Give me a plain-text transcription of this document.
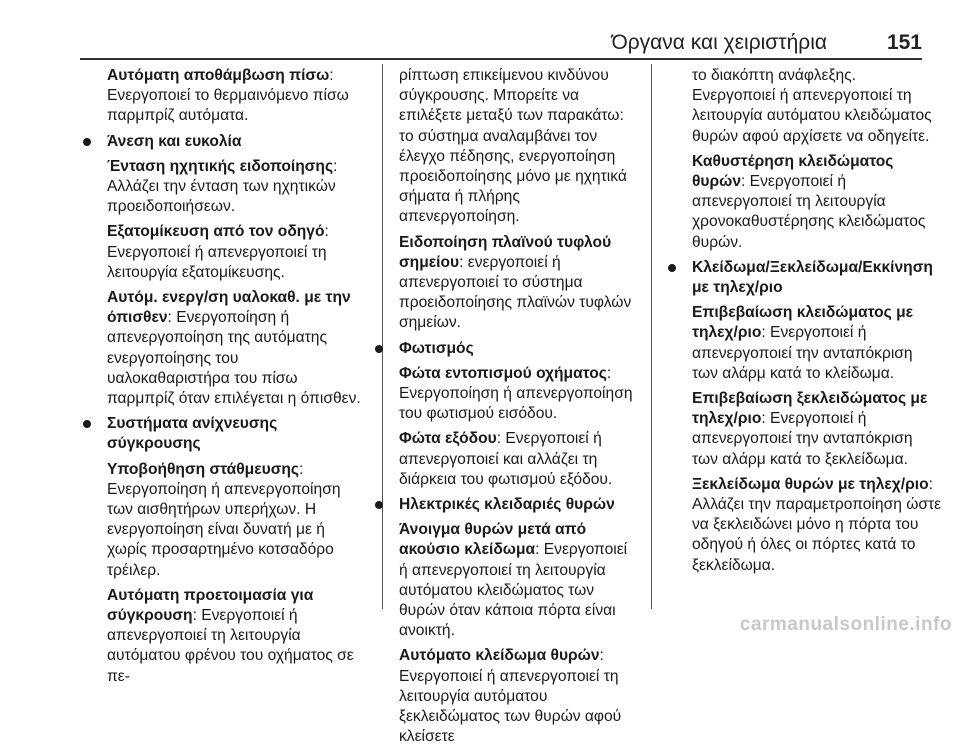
Όργανα και χειριστήρια	151

Αυτόματη αποθάμβωση πίσω: Ενεργοποιεί το θερμαινόμενο πίσω παρμπρίζ αυτόματα.

Άνεση και ευκολία

Ένταση ηχητικής ειδοποίησης: Αλλάζει την ένταση των ηχητικών προειδοποιήσεων.

Εξατομίκευση από τον οδηγό: Ενεργοποιεί ή απενεργοποιεί τη λειτουργία εξατομίκευσης.

Αυτόμ. ενεργ/ση υαλοκαθ. με την όπισθεν: Ενεργοποίηση ή απενεργοποίηση της αυτόματης ενεργοποίησης του υαλοκαθαριστήρα του πίσω παρμπρίζ όταν επιλέγεται η όπισθεν.

Συστήματα ανίχνευσης σύγκρουσης

Υποβοήθηση στάθμευσης: Ενεργοποίηση ή απενεργοποίηση των αισθητήρων υπερήχων. Η ενεργοποίηση είναι δυνατή με ή χωρίς προσαρτημένο κοτσαδόρο τρέιλερ.

Αυτόματη προετοιμασία για σύγκρουση: Ενεργοποιεί ή απενεργοποιεί τη λειτουργία αυτόματου φρένου του οχήματος σε πε-

ρίπτωση επικείμενου κινδύνου σύγκρουσης. Μπορείτε να επιλέξετε μεταξύ των παρακάτω: το σύστημα αναλαμβάνει τον έλεγχο πέδησης, ενεργοποίηση προειδοποίησης μόνο με ηχητικά σήματα ή πλήρης απενεργοποίηση.

Ειδοποίηση πλαϊνού τυφλού σημείου: ενεργοποιεί ή απενεργοποιεί το σύστημα προειδοποίησης πλαϊνών τυφλών σημείων.

Φωτισμός

Φώτα εντοπισμού οχήματος: Ενεργοποίηση ή απενεργοποίηση του φωτισμού εισόδου.

Φώτα εξόδου: Ενεργοποιεί ή απενεργοποιεί και αλλάζει τη διάρκεια του φωτισμού εξόδου.

Ηλεκτρικές κλειδαριές θυρών

Άνοιγμα θυρών μετά από ακούσιο κλείδωμα: Ενεργοποιεί ή απενεργοποιεί τη λειτουργία αυτόματου κλειδώματος των θυρών όταν κάποια πόρτα είναι ανοικτή.

Αυτόματο κλείδωμα θυρών: Ενεργοποιεί ή απενεργοποιεί τη λειτουργία αυτόματου ξεκλειδώματος των θυρών αφού κλείσετε

το διακόπτη ανάφλεξης. Ενεργοποιεί ή απενεργοποιεί τη λειτουργία αυτόματου κλειδώματος θυρών αφού αρχίσετε να οδηγείτε.

Καθυστέρηση κλειδώματος θυρών: Ενεργοποιεί ή απενεργοποιεί τη λειτουργία χρονοκαθυστέρησης κλειδώματος θυρών.

Κλείδωμα/Ξεκλείδωμα/Εκκίνηση με τηλεχ/ριο

Επιβεβαίωση κλειδώματος με τηλεχ/ριο: Ενεργοποιεί ή απενεργοποιεί την ανταπόκριση των αλάρμ κατά το κλείδωμα.

Επιβεβαίωση ξεκλειδώματος με τηλεχ/ριο: Ενεργοποιεί ή απενεργοποιεί την ανταπόκριση των αλάρμ κατά το ξεκλείδωμα.

Ξεκλείδωμα θυρών με τηλεχ/ριο: Αλλάζει την παραμετροποίηση ώστε να ξεκλειδώνει μόνο η πόρτα του οδηγού ή όλες οι πόρτες κατά το ξεκλείδωμα.

carmanualsonline.info
